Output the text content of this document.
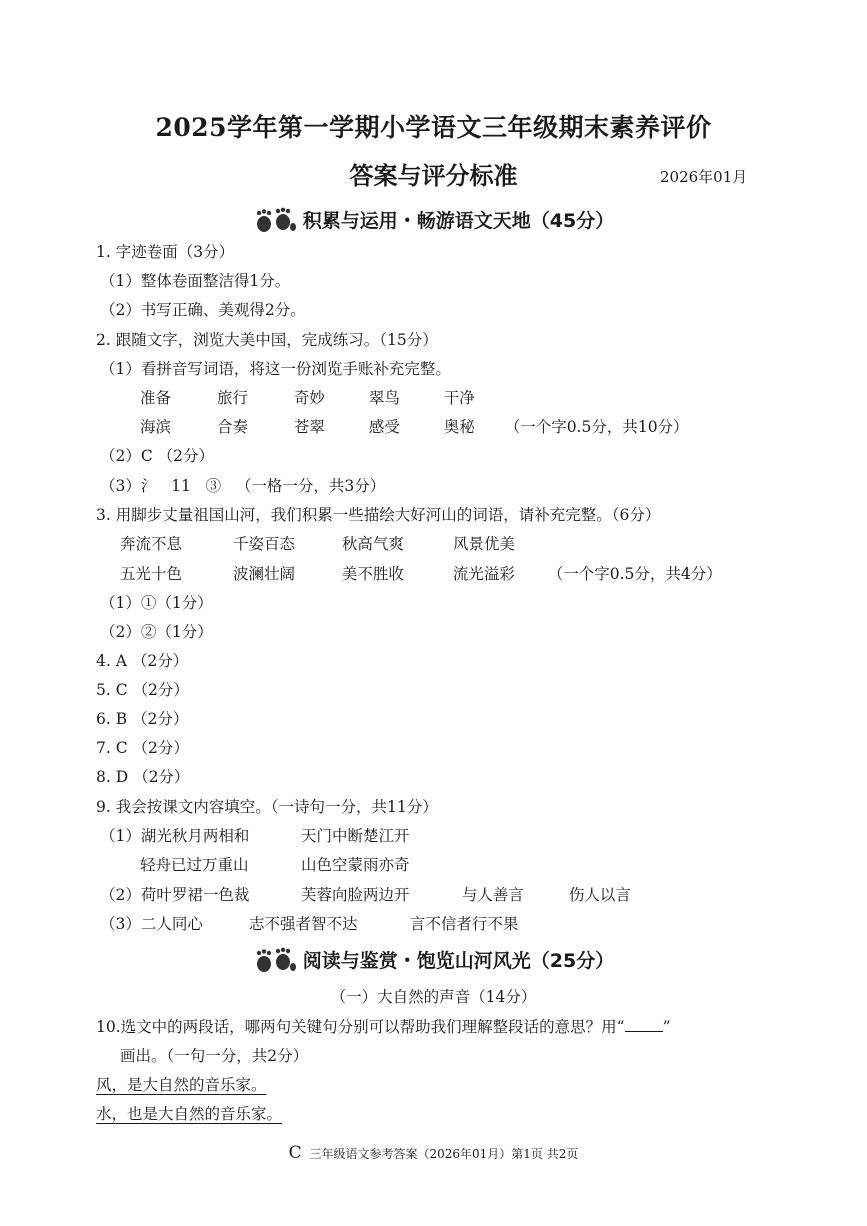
2025学年第一学期小学语文三年级期末素养评价
答案与评分标准	2026年01月
积累与运用・畅游语文天地（45分）
1. 字迹卷面（3分）
（1）整体卷面整洁得1分。
（2）书写正确、美观得2分。
2. 跟随文字，浏览大美中国，完成练习。（15分）
（1）看拼音写词语，将这一份浏览手账补充完整。
准备	旅行	奇妙	翠鸟	干净
海滨	合奏	苍翠	感受	奥秘 （一个字0.5分，共10分）
（2）C （2分）
（3）氵   11   ③   （一格一分，共3分）
3. 用脚步丈量祖国山河，我们积累一些描绘大好河山的词语，请补充完整。（6分）
奔流不息	千姿百态	秋高气爽	风景优美
五光十色	波澜壮阔	美不胜收	流光溢彩 （一个字0.5分，共4分）
（1）①（1分）
（2）②（1分）
4. A （2分）
5. C （2分）
6. B （2分）
7. C （2分）
8. D （2分）
9. 我会按课文内容填空。（一诗句一分，共11分）
（1）湖光秋月两相和	天门中断楚江开
轻舟已过万重山	山色空蒙雨亦奇
（2）荷叶罗裙一色裁	芙蓉向脸两边开	与人善言	伤人以言
（3）二人同心	志不强者智不达	言不信者行不果
阅读与鉴赏・饱览山河风光（25分）
（一）大自然的声音（14分）
10.选文中的两段话，哪两句关键句分别可以帮助我们理解整段话的意思？用“ ”
画出。（一句一分，共2分）
风，是大自然的音乐家。
水，也是大自然的音乐家。
C 三年级语文参考答案（2026年01月）第1页 共2页
